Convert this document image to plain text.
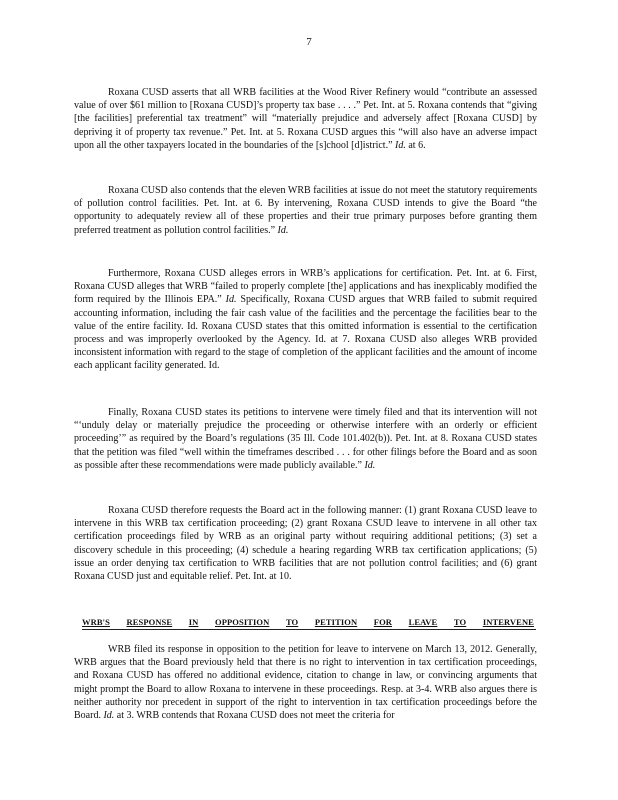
7

Roxana CUSD asserts that all WRB facilities at the Wood River Refinery would “contribute an assessed value of over $61 million to [Roxana CUSD]’s property tax base . . . .” Pet. Int. at 5. Roxana contends that “giving [the facilities] preferential tax treatment” will “materially prejudice and adversely affect [Roxana CUSD] by depriving it of property tax revenue.” Pet. Int. at 5. Roxana CUSD argues this “will also have an adverse impact upon all the other taxpayers located in the boundaries of the [s]chool [d]istrict.” Id. at 6.

Roxana CUSD also contends that the eleven WRB facilities at issue do not meet the statutory requirements of pollution control facilities. Pet. Int. at 6. By intervening, Roxana CUSD intends to give the Board “the opportunity to adequately review all of these properties and their true primary purposes before granting them preferred treatment as pollution control facilities.” Id.

Furthermore, Roxana CUSD alleges errors in WRB’s applications for certification. Pet. Int. at 6. First, Roxana CUSD alleges that WRB “failed to properly complete [the] applications and has inexplicably modified the form required by the Illinois EPA.” Id. Specifically, Roxana CUSD argues that WRB failed to submit required accounting information, including the fair cash value of the facilities and the percentage the facilities bear to the value of the entire facility. Id. Roxana CUSD states that this omitted information is essential to the certification process and was improperly overlooked by the Agency. Id. at 7. Roxana CUSD also alleges WRB provided inconsistent information with regard to the stage of completion of the applicant facilities and the amount of income each applicant facility generated. Id.

Finally, Roxana CUSD states its petitions to intervene were timely filed and that its intervention will not “‘unduly delay or materially prejudice the proceeding or otherwise interfere with an orderly or efficient proceeding’” as required by the Board’s regulations (35 Ill. Code 101.402(b)). Pet. Int. at 8. Roxana CUSD states that the petition was filed “well within the timeframes described . . . for other filings before the Board and as soon as possible after these recommendations were made publicly available.” Id.

Roxana CUSD therefore requests the Board act in the following manner: (1) grant Roxana CUSD leave to intervene in this WRB tax certification proceeding; (2) grant Roxana CSUD leave to intervene in all other tax certification proceedings filed by WRB as an original party without requiring additional petitions; (3) set a discovery schedule in this proceeding; (4) schedule a hearing regarding WRB tax certification applications; (5) issue an order denying tax certification to WRB facilities that are not pollution control facilities; and (6) grant Roxana CUSD just and equitable relief. Pet. Int. at 10.

WRB'S RESPONSE IN OPPOSITION TO PETITION FOR LEAVE TO INTERVENE

WRB filed its response in opposition to the petition for leave to intervene on March 13, 2012. Generally, WRB argues that the Board previously held that there is no right to intervention in tax certification proceedings, and Roxana CUSD has offered no additional evidence, citation to change in law, or convincing arguments that might prompt the Board to allow Roxana to intervene in these proceedings. Resp. at 3-4. WRB also argues there is neither authority nor precedent in support of the right to intervention in tax certification proceedings before the Board. Id. at 3. WRB contends that Roxana CUSD does not meet the criteria for
